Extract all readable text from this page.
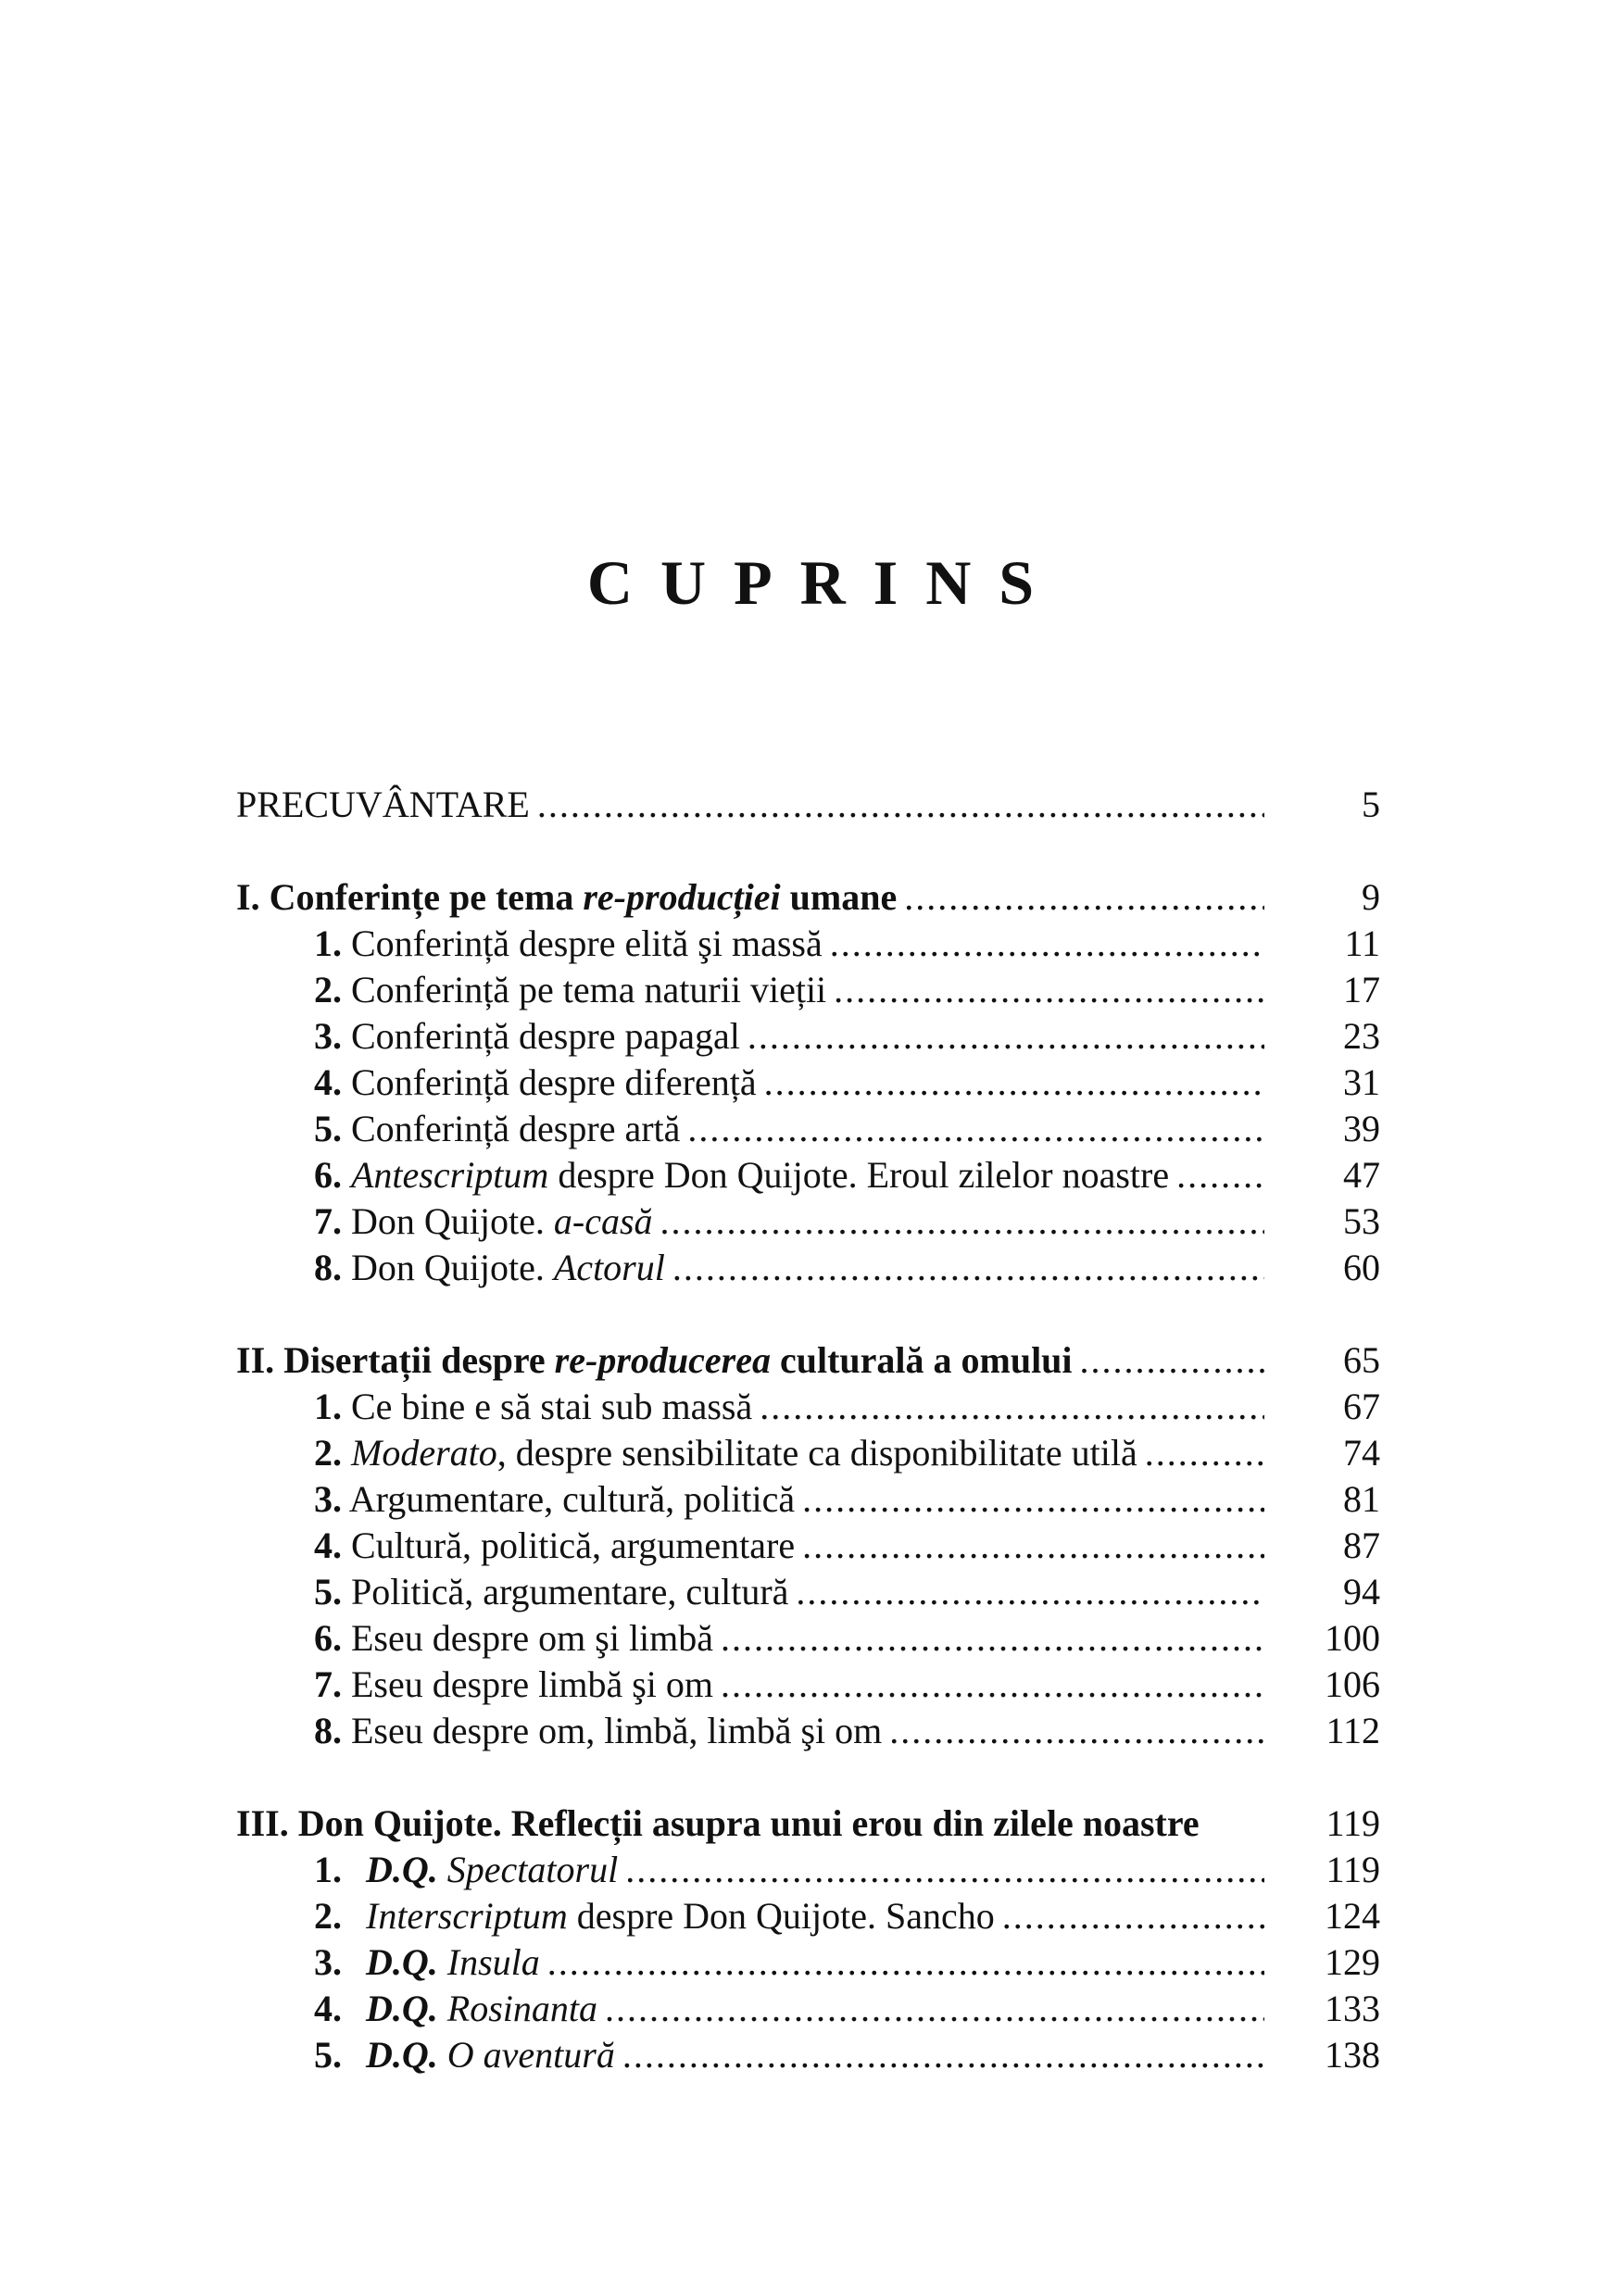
CUPRINS
PRECUVÂNTARE .....	5
I. Conferințe pe tema re-producției umane .....	9
1. Conferință despre elită şi massă .....	11
2. Conferință pe tema naturii vieții .....	17
3. Conferință despre papagal .....	23
4. Conferință despre diferență .....	31
5. Conferință despre artă .....	39
6. Antescriptum despre Don Quijote. Eroul zilelor noastre .....	47
7. Don Quijote. a-casă .....	53
8. Don Quijote. Actorul .....	60
II. Disertații despre re-producerea culturală a omului .....	65
1. Ce bine e să stai sub massă .....	67
2. Moderato, despre sensibilitate ca disponibilitate utilă .....	74
3. Argumentare, cultură, politică .....	81
4. Cultură, politică, argumentare .....	87
5. Politică, argumentare, cultură .....	94
6. Eseu despre om şi limbă .....	100
7. Eseu despre limbă şi om .....	106
8. Eseu despre om, limbă, limbă şi om .....	112
III. Don Quijote. Reflecții asupra unui erou din zilele noastre	119
1. D.Q. Spectatorul .....	119
2. Interscriptum despre Don Quijote. Sancho .....	124
3. D.Q. Insula .....	129
4. D.Q. Rosinanta .....	133
5. D.Q. O aventură .....	138
